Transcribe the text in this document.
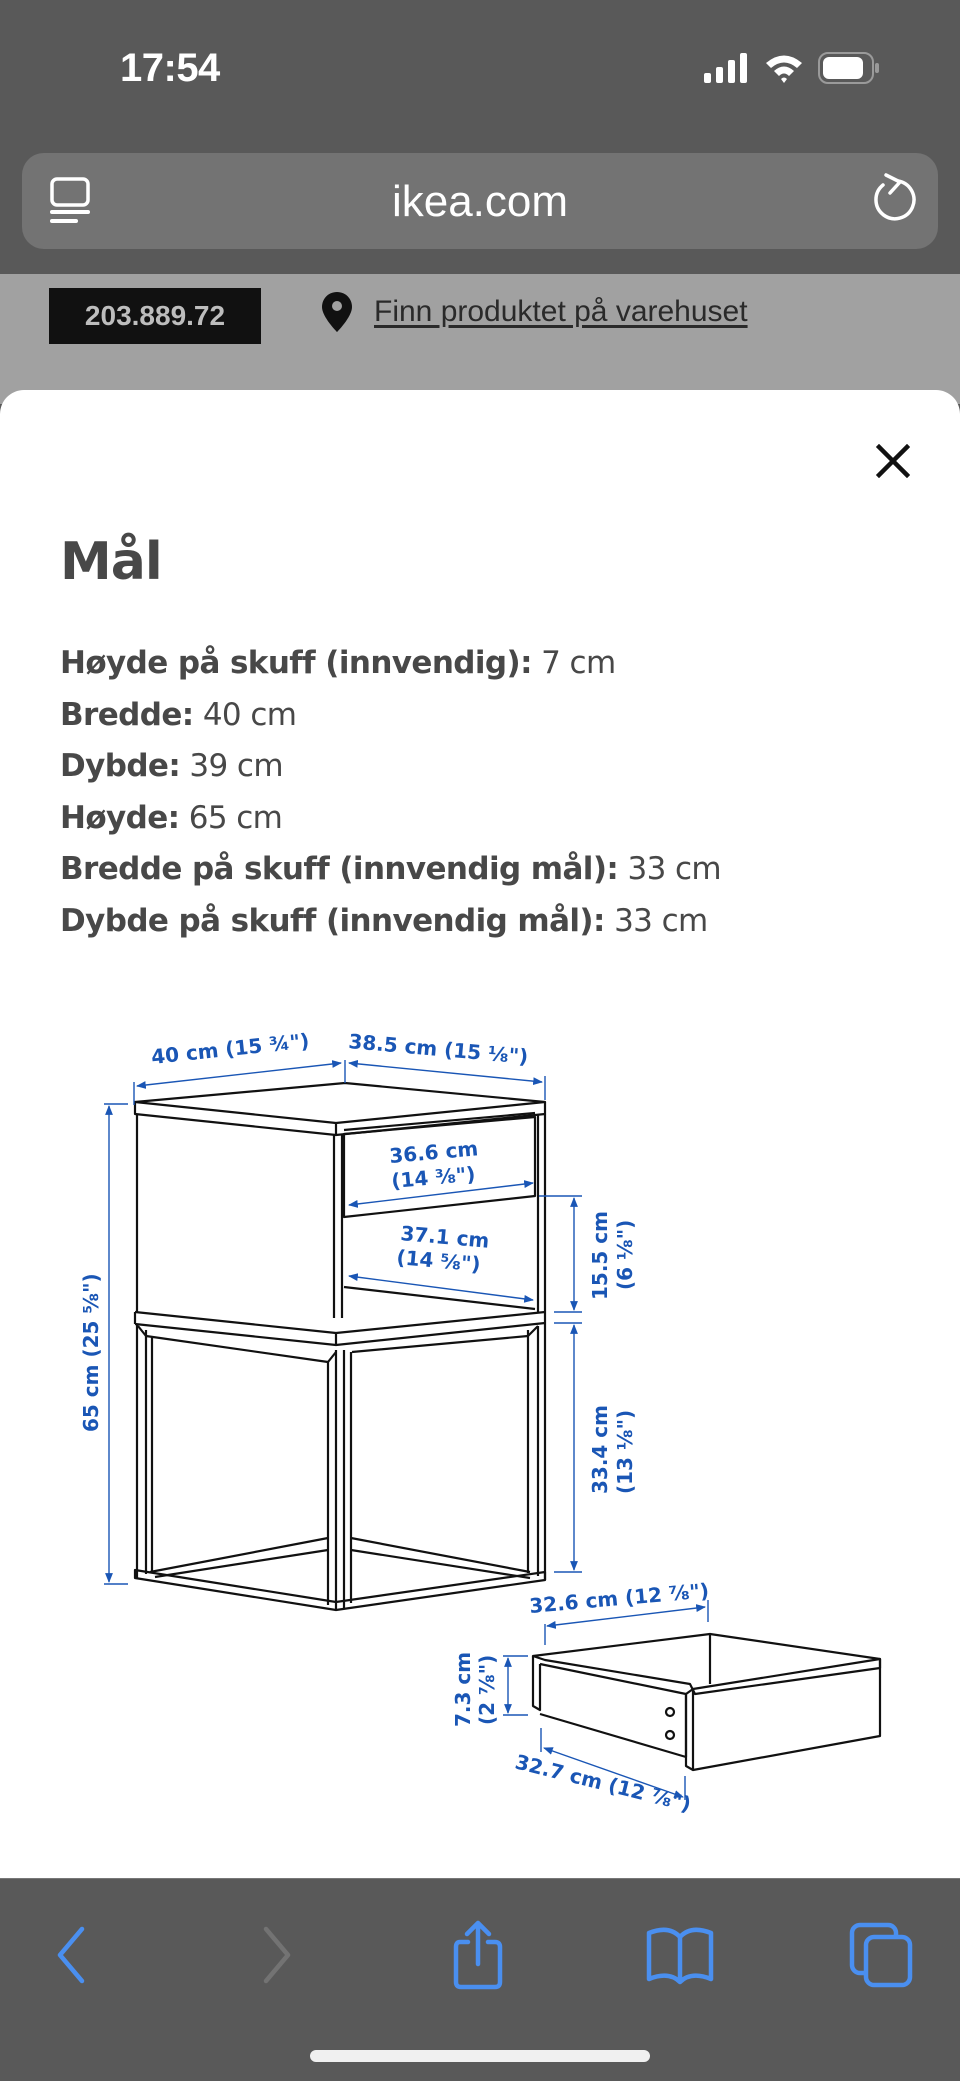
17:54
ikea.com
203.889.72	Finn produktet på varehuset
Mål
Høyde på skuff (innvendig): 7 cm
Bredde: 40 cm
Dybde: 39 cm
Høyde: 65 cm
Bredde på skuff (innvendig mål): 33 cm
Dybde på skuff (innvendig mål): 33 cm
40 cm (15 ¾") 38.5 cm (15 ⅛")
36.6 cm
(14 ⅜")
37.1 cm
(14 ⅝")
65 cm (25 ⅝")
15.5 cm (6 ⅛")
33.4 cm (13 ⅛")
32.6 cm (12 ⅞")
7.3 cm (2 ⅞")
32.7 cm (12 ⅞")
